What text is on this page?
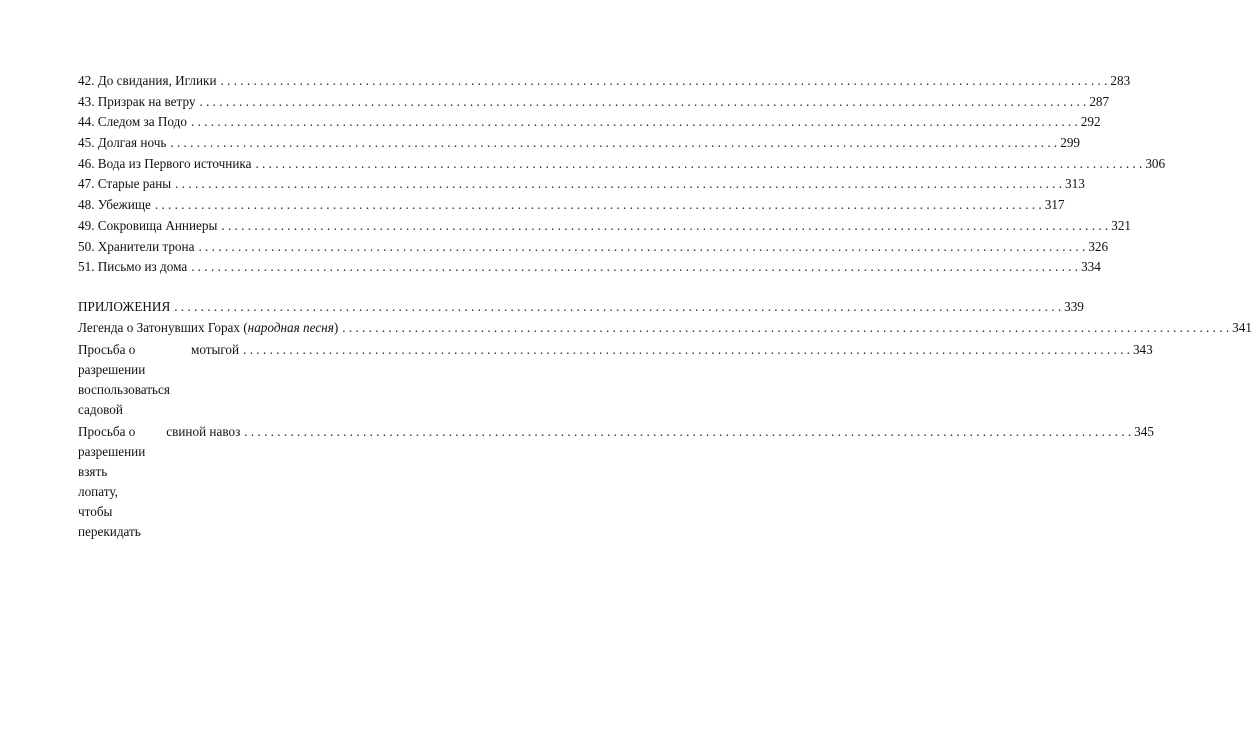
42. До свидания, Иглики . . .	283
43. Призрак на ветру . . .	287
44. Следом за Подо . . .	292
45. Долгая ночь . . .	299
46. Вода из Первого источника . . .	306
47. Старые раны . . .	313
48. Убежище . . .	317
49. Сокровища Анниеры . . .	321
50. Хранители трона . . .	326
51. Письмо из дома . . .	334
ПРИЛОЖЕНИЯ . . .	339
Легенда о Затонувших Горах (народная песня) . . .	341
Просьба о разрешении воспользоваться садовой
мотыгой . . .	343
Просьба о разрешении взять лопату, чтобы перекидать
свиной навоз . . .	345
